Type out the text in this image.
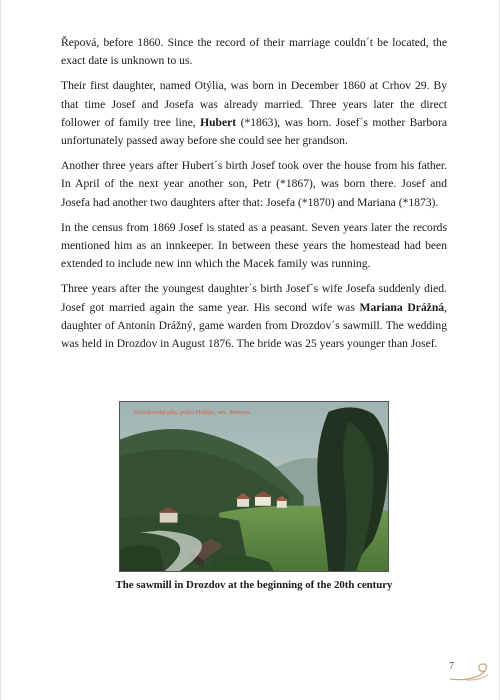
Řepová, before 1860. Since the record of their marriage couldn´t be located, the exact date is unknown to us.

Their first daughter, named Otýlia, was born in December 1860 at Crhov 29. By that time Josef and Josefa was already married. Three years later the direct follower of family tree line, Hubert (*1863), was born. Josef´s mother Barbora unfortunately passed away before she could see her grandson.

Another three years after Hubert´s birth Josef took over the house from his father. In April of the next year another son, Petr (*1867), was born there. Josef and Josefa had another two daughters after that: Josefa (*1870) and Mariana (*1873).

In the census from 1869 Josef is stated as a peasant. Seven years later the records mentioned him as an innkeeper. In between these years the homestead had been extended to include new inn which the Macek family was running.

Three years after the youngest daughter´s birth Josef´s wife Josefa suddenly died. Josef got married again the same year. His second wife was Mariana Drážná, daughter of Antonín Drážný, game warden from Drozdov´s sawmill. The wedding was held in Drozdov in August 1876. The bride was 25 years younger than Josef.

Drozdovská pila, pošta Hoštýn, sev. Morava.
The sawmill in Drozdov at the beginning of the 20th century
7
